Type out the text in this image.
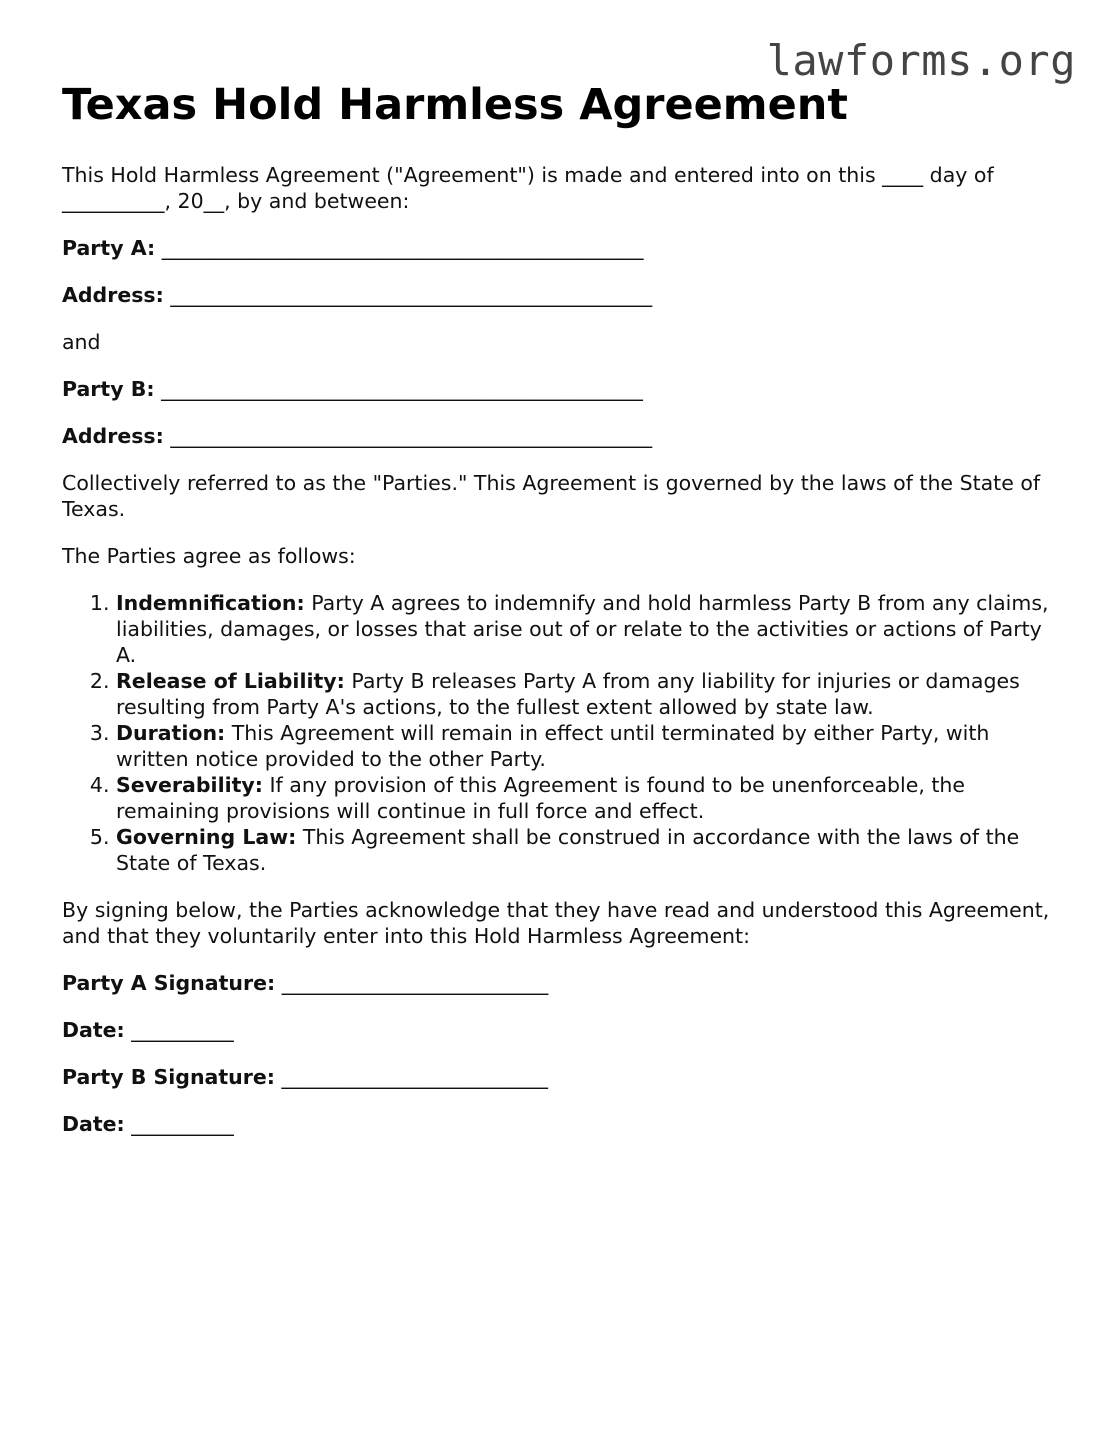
lawforms.org
Texas Hold Harmless Agreement

This Hold Harmless Agreement ("Agreement") is made and entered into on this ____ day of __________, 20__, by and between:

Party A: _______________________________________________

Address: _______________________________________________

and

Party B: _______________________________________________

Address: _______________________________________________

Collectively referred to as the "Parties." This Agreement is governed by the laws of the State of Texas.

The Parties agree as follows:

1. Indemnification: Party A agrees to indemnify and hold harmless Party B from any claims, liabilities, damages, or losses that arise out of or relate to the activities or actions of Party A.
2. Release of Liability: Party B releases Party A from any liability for injuries or damages resulting from Party A's actions, to the fullest extent allowed by state law.
3. Duration: This Agreement will remain in effect until terminated by either Party, with written notice provided to the other Party.
4. Severability: If any provision of this Agreement is found to be unenforceable, the remaining provisions will continue in full force and effect.
5. Governing Law: This Agreement shall be construed in accordance with the laws of the State of Texas.

By signing below, the Parties acknowledge that they have read and understood this Agreement, and that they voluntarily enter into this Hold Harmless Agreement:

Party A Signature: __________________________

Date: __________

Party B Signature: __________________________

Date: __________
